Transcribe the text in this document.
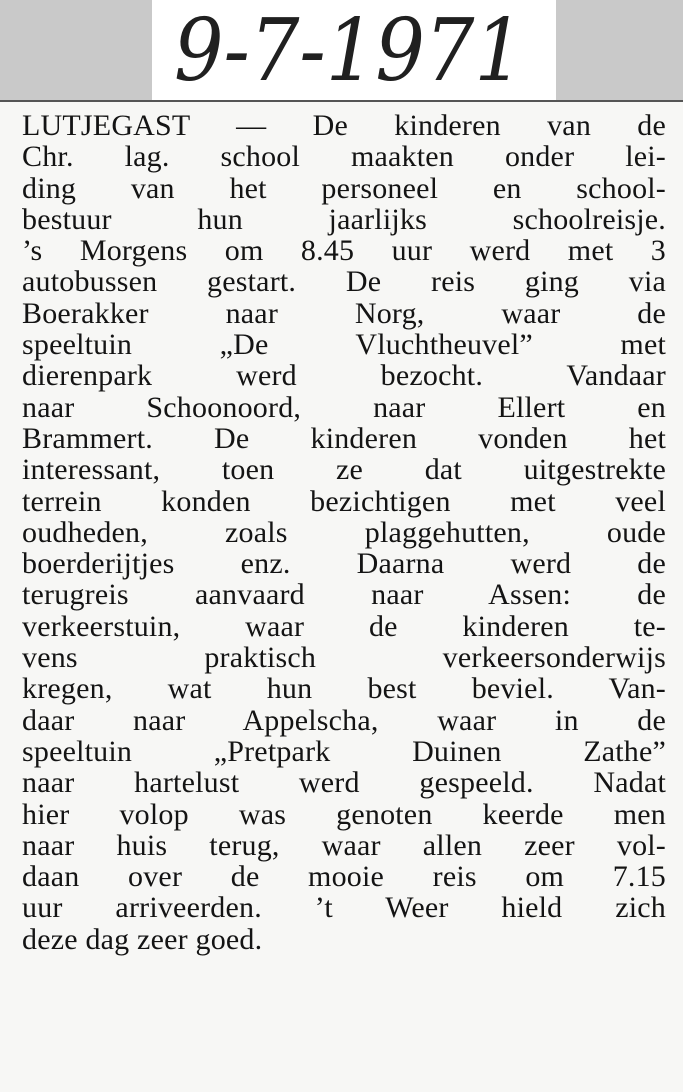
9-7-1971
LUTJEGAST — De kinderen van de
Chr. lag. school maakten onder lei-
ding van het personeel en school-
bestuur hun jaarlijks schoolreisje.
’s Morgens om 8.45 uur werd met 3
autobussen gestart. De reis ging via
Boerakker naar Norg, waar de
speeltuin „De Vluchtheuvel” met
dierenpark werd bezocht. Vandaar
naar Schoonoord, naar Ellert en
Brammert. De kinderen vonden het
interessant, toen ze dat uitgestrekte
terrein konden bezichtigen met veel
oudheden, zoals plaggehutten, oude
boerderijtjes enz. Daarna werd de
terugreis aanvaard naar Assen: de
verkeerstuin, waar de kinderen te-
vens praktisch verkeersonderwijs
kregen, wat hun best beviel. Van-
daar naar Appelscha, waar in de
speeltuin „Pretpark Duinen Zathe”
naar hartelust werd gespeeld. Nadat
hier volop was genoten keerde men
naar huis terug, waar allen zeer vol-
daan over de mooie reis om 7.15
uur arriveerden. ’t Weer hield zich
deze dag zeer goed.
